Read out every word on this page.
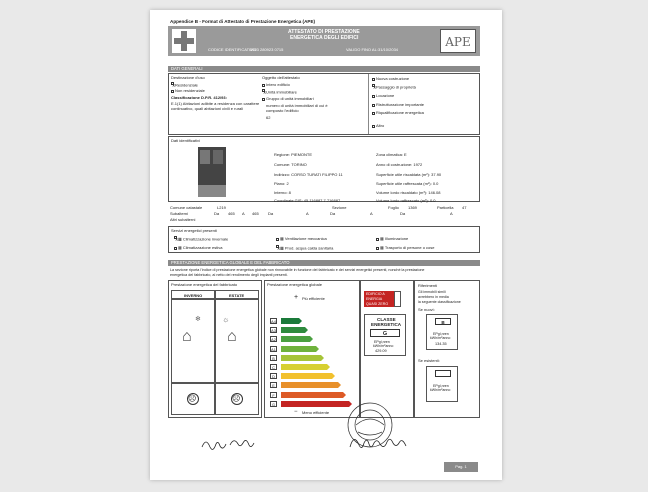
Appendice B - Format di Attestato di Prestazione Energetica (APE)
ATTESTATO DI PRESTAZIONE
ENERGETICA DEGLI EDIFICI
CODICE IDENTIFICATIVO:
2023 280923 0715	VALIDO FINO AL: 31/10/2034
APE
DATI GENERALI
Destinazione d'uso
✕Residenziale
Non residenziale
Classificazione D.P.R. 412/93:
E.1(1) Abitazioni adibite a residenza con carattere
continuativo, quali abitazioni civili e rurali
Oggetto dell'attestato
Intero edificio
✕Unità immobiliare
Gruppo di unità immobiliari
numero di unità immobiliari di cui è
composto l'edificio
62
Nuova costruzione
✕Passaggio di proprietà
Locazione
Ristrutturazione importante
Riqualificazione energetica
Altro
Dati identificativi
Regione: PIEMONTE
Comune: TORINO
Indirizzo: CORSO TURATI FILIPPO 11
Piano: 2
Interno: 8
Coordinate GIS: 45.116887 7.716887
Zona climatica: E
Anno di costruzione: 1972
Superficie utile riscaldata (m²): 37.90
Superficie utile raffrescata (m²): 0.0
Volume lordo riscaldato (m³): 146.08
Volume lordo raffrescato (m³): 0.0
Comune catastale	L219	Sezione	Foglio 1369	Particella 47
Subalterni	Da 465 A 465 Da	A	Da	A	Da	A
Altri subalterni
Servizi energetici presenti
✕▦ Climatizzazione invernale	▦ Ventilazione meccanica	▦ Illuminazione
▦ Climatizzazione estiva	✕▦ Prod. acqua calda sanitaria	▦ Trasporto di persone o cose
PRESTAZIONE ENERGETICA GLOBALE E DEL FABBRICATO
La sezione riporta l'indice di prestazione energetica globale non rinnovabile in funzione del fabbricato e dei servizi energetici presenti, nonché la prestazione
energetica del fabbricato, al netto del rendimento degli impianti presenti.
Prestazione energetica del fabbricato
INVERNO	ESTATE
⌂
❄
⌂
☼
☹	☹
Prestazione energetica globale
+ Più efficiente
− Meno efficiente
EDIFICIO A
ENERGIA
QUASI ZERO
CLASSE
ENERGETICA
G
EPgl,nren
kWh/m²anno
429.09
Riferimenti
Gli immobili simili
avrebbero in media
la seguente classificazione
Se nuovi:
B
EPgl,nren
kWh/m²anno
134.35
Se esistenti:
EPgl,nren
kWh/m²anno
Pag. 1
A4
A3
A2
A1
B
C
D
E
F
G
